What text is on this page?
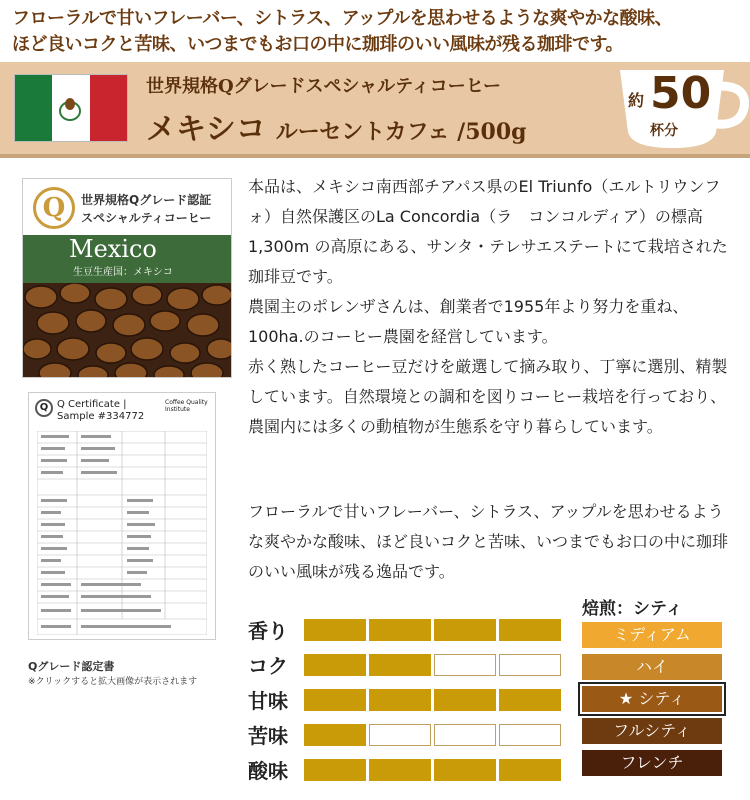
フローラルで甘いフレーバー、シトラス、アップルを思わせるような爽やかな酸味、

ほど良いコクと苦味、いつまでもお口の中に珈琲のいい風味が残る珈琲です。

世界規格Qグレードスペシャルティコーヒー
メキシコ ルーセントカフェ /500g
約 50
杯分
Q	世界規格Qグレード認証
スペシャルティコーヒー
Mexico
生豆生産国：メキシコ
Q Q Certificate |
Sample #334772
Coffee Quality Institute
Qグレード認定書
※クリックすると拡大画像が表示されます

本品は、メキシコ南西部チアパス県のEl Triunfo（エルトリウンフォ）自然保護区のLa Concordia（ラ　コンコルディア）の標高1,300m の高原にある、サンタ・テレサエステートにて栽培された珈琲豆です。

農園主のポレンザさんは、創業者で1955年より努力を重ね、100ha.のコーヒー農園を経営しています。

赤く熟したコーヒー豆だけを厳選して摘み取り、丁寧に選別、精製しています。自然環境との調和を図りコーヒー栽培を行っており、農園内には多くの動植物が生態系を守り暮らしています。

フローラルで甘いフレーバー、シトラス、アップルを思わせるような爽やかな酸味、ほど良いコクと苦味、いつまでもお口の中に珈琲のいい風味が残る逸品です。

香り
コク
甘味
苦味
酸味
焙煎：シティ
ミディアム
ハイ
★ シティ
フルシティ
フレンチ
